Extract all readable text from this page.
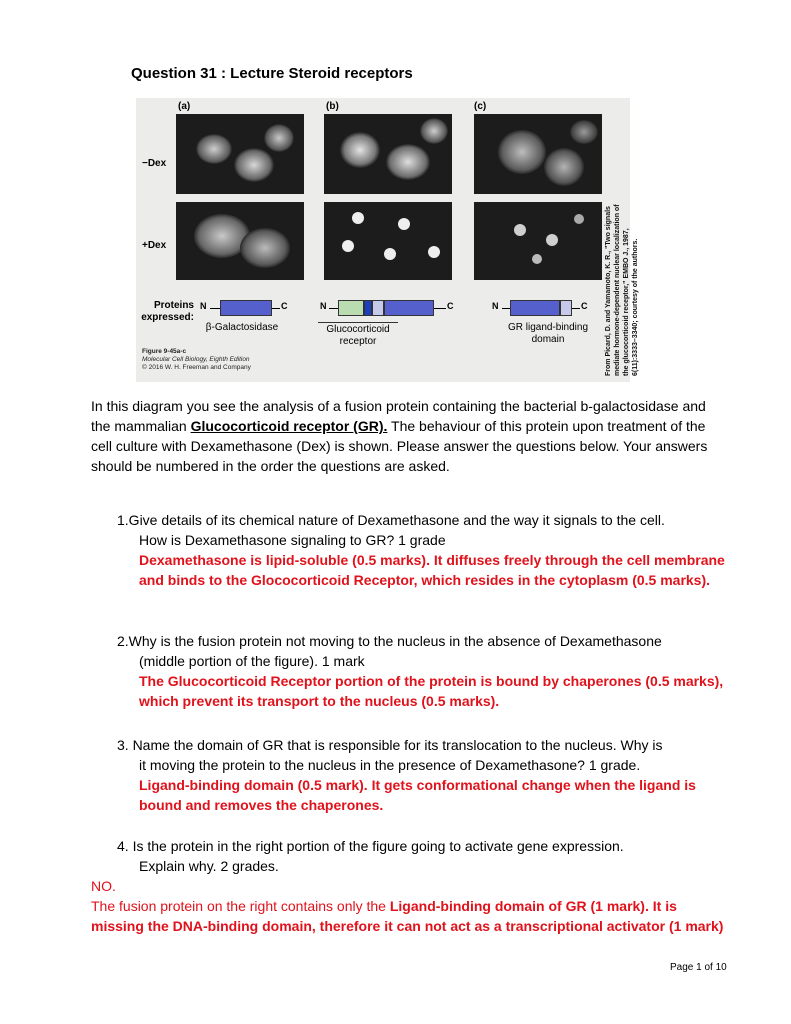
Question 31 : Lecture Steroid receptors
(a)	(b)	(c)
−Dex
+Dex	From Picard, D. and Yamamoto, K. R., "Two signals mediate hormone-dependent nuclear localization of the glucocorticoid receptor," EMBO J., 1987, 6(11):3333–3340; courtesy of the authors.
Proteins
expressed:
N	C
β-Galactosidase
N	C
Glucocorticoid
receptor
N	C
GR ligand-binding
domain
Figure 9-45a-c
Molecular Cell Biology, Eighth Edition
© 2016 W. H. Freeman and Company
In this diagram you see the analysis of a fusion protein containing the bacterial b-galactosidase and the mammalian Glucocorticoid receptor (GR). The behaviour of this protein upon treatment of the cell culture with Dexamethasone (Dex) is shown. Please answer the questions below. Your answers should be numbered in the order the questions are asked.
1.Give details of its chemical nature of Dexamethasone and the way it signals to the cell.
How is Dexamethasone signaling to GR? 1 grade
Dexamethasone is lipid-soluble (0.5 marks). It diffuses freely through the cell membrane and binds to the Glococorticoid Receptor, which resides in the cytoplasm (0.5 marks).
2.Why is the fusion protein not moving to the nucleus in the absence of Dexamethasone
(middle portion of the figure). 1 mark
The Glucocorticoid Receptor portion of the protein is bound by chaperones (0.5 marks), which prevent its transport to the nucleus (0.5 marks).
3. Name the domain of GR that is responsible for its translocation to the nucleus. Why is
it moving the protein to the nucleus in the presence of Dexamethasone? 1 grade.
Ligand-binding domain (0.5 mark). It gets conformational change when the ligand is bound and removes the chaperones.
4. Is the protein in the right portion of the figure going to activate gene expression.
Explain why. 2 grades.
NO.
The fusion protein on the right contains only the Ligand-binding domain of GR (1 mark). It is missing the DNA-binding domain, therefore it can not act as a transcriptional activator (1 mark)
Page 1 of 10
